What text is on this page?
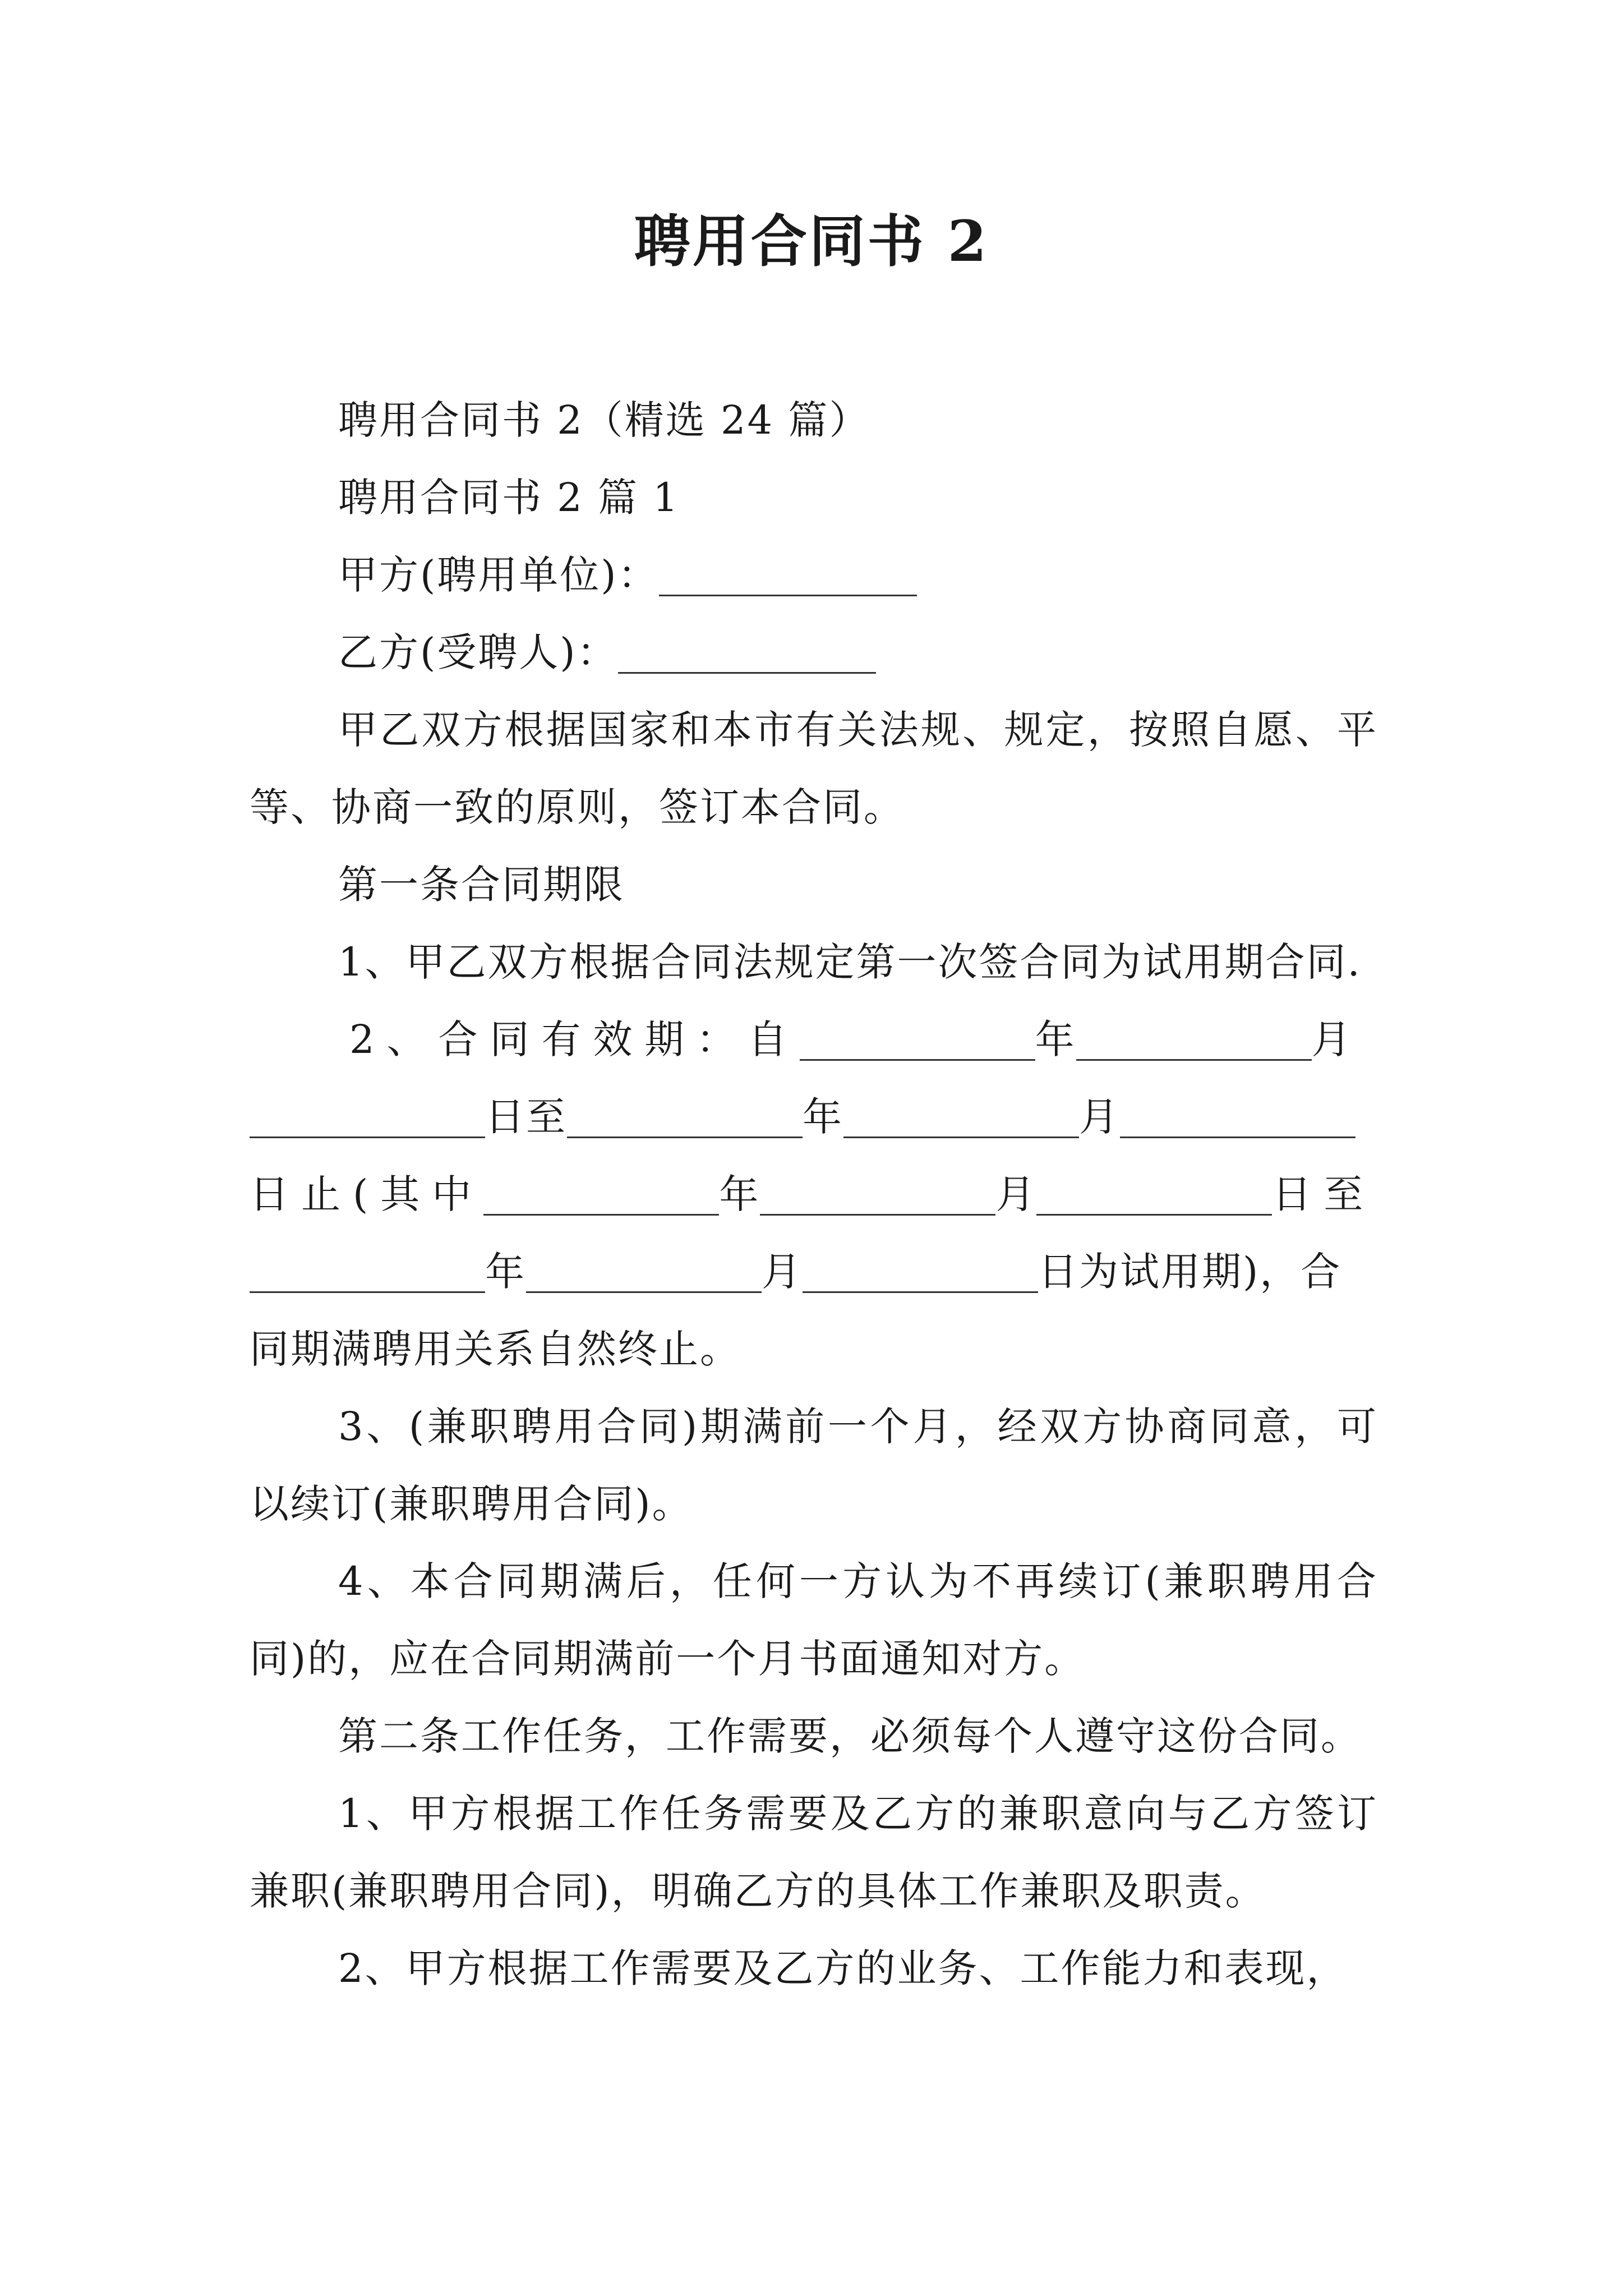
聘用合同书 2

聘用合同书 2（精选 24 篇）

聘用合同书 2 篇 1

甲方(聘用单位)：

乙方(受聘人)：

甲乙双方根据国家和本市有关法规、规定，按照自愿、平等、协商一致的原则，签订本合同。

第一条合同期限

1、甲乙双方根据合同法规定第一次签合同为试用期合同.

2、合同有效期：自	年	月

日至	年	月

日止(其中	年	月	日至

年	月	日为试用期)，合

同期满聘用关系自然终止。

3、(兼职聘用合同)期满前一个月，经双方协商同意，可以续订(兼职聘用合同)。

4、本合同期满后，任何一方认为不再续订(兼职聘用合同)的，应在合同期满前一个月书面通知对方。

第二条工作任务，工作需要，必须每个人遵守这份合同。

1、甲方根据工作任务需要及乙方的兼职意向与乙方签订兼职(兼职聘用合同)，明确乙方的具体工作兼职及职责。

2、甲方根据工作需要及乙方的业务、工作能力和表现，
